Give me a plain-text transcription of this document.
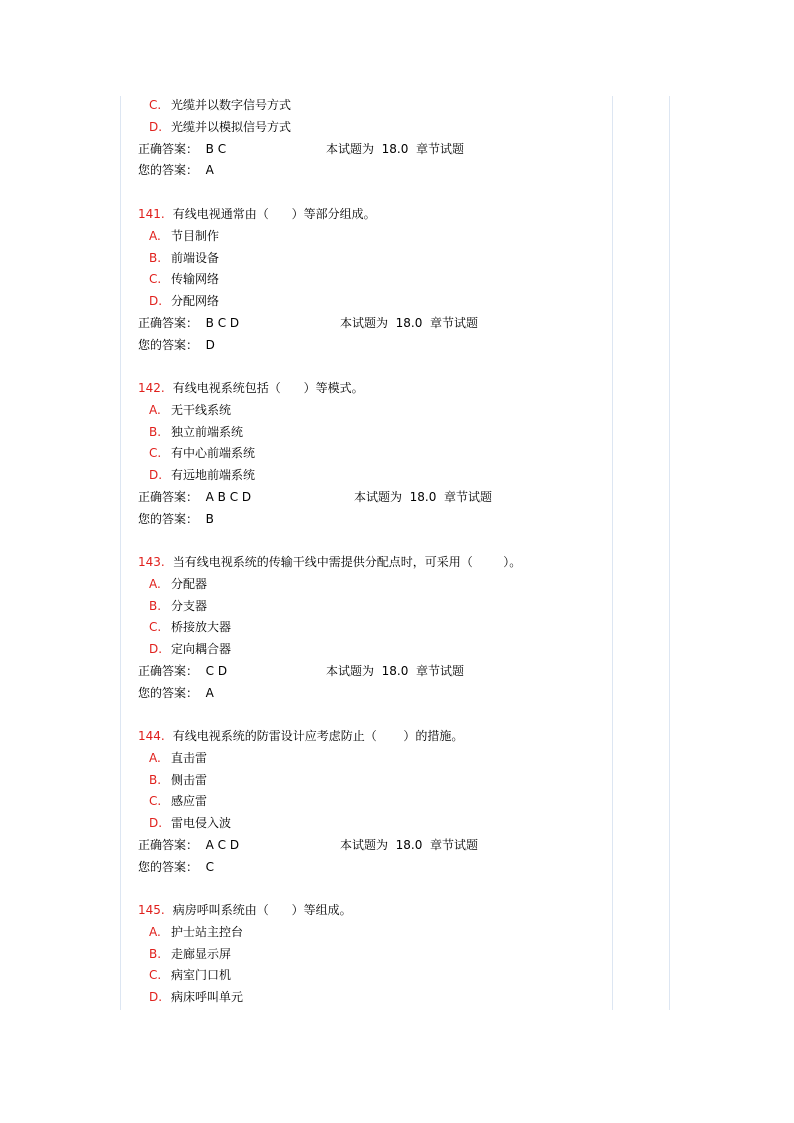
C. 光缆并以数字信号方式
D. 光缆并以模拟信号方式
正确答案： B C	本试题为  18.0  章节试题
您的答案： A
141. 有线电视通常由（      ）等部分组成。
A. 节目制作
B. 前端设备
C. 传输网络
D. 分配网络
正确答案： B C D	本试题为  18.0  章节试题
您的答案： D
142. 有线电视系统包括（      ）等模式。
A. 无干线系统
B. 独立前端系统
C. 有中心前端系统
D. 有远地前端系统
正确答案： A B C D	本试题为  18.0  章节试题
您的答案： B
143. 当有线电视系统的传输干线中需提供分配点时，可采用（        ）。
A. 分配器
B. 分支器
C. 桥接放大器
D. 定向耦合器
正确答案： C D	本试题为  18.0  章节试题
您的答案： A
144. 有线电视系统的防雷设计应考虑防止（       ）的措施。
A. 直击雷
B. 侧击雷
C. 感应雷
D. 雷电侵入波
正确答案： A C D	本试题为  18.0  章节试题
您的答案： C
145. 病房呼叫系统由（      ）等组成。
A. 护士站主控台
B. 走廊显示屏
C. 病室门口机
D. 病床呼叫单元
